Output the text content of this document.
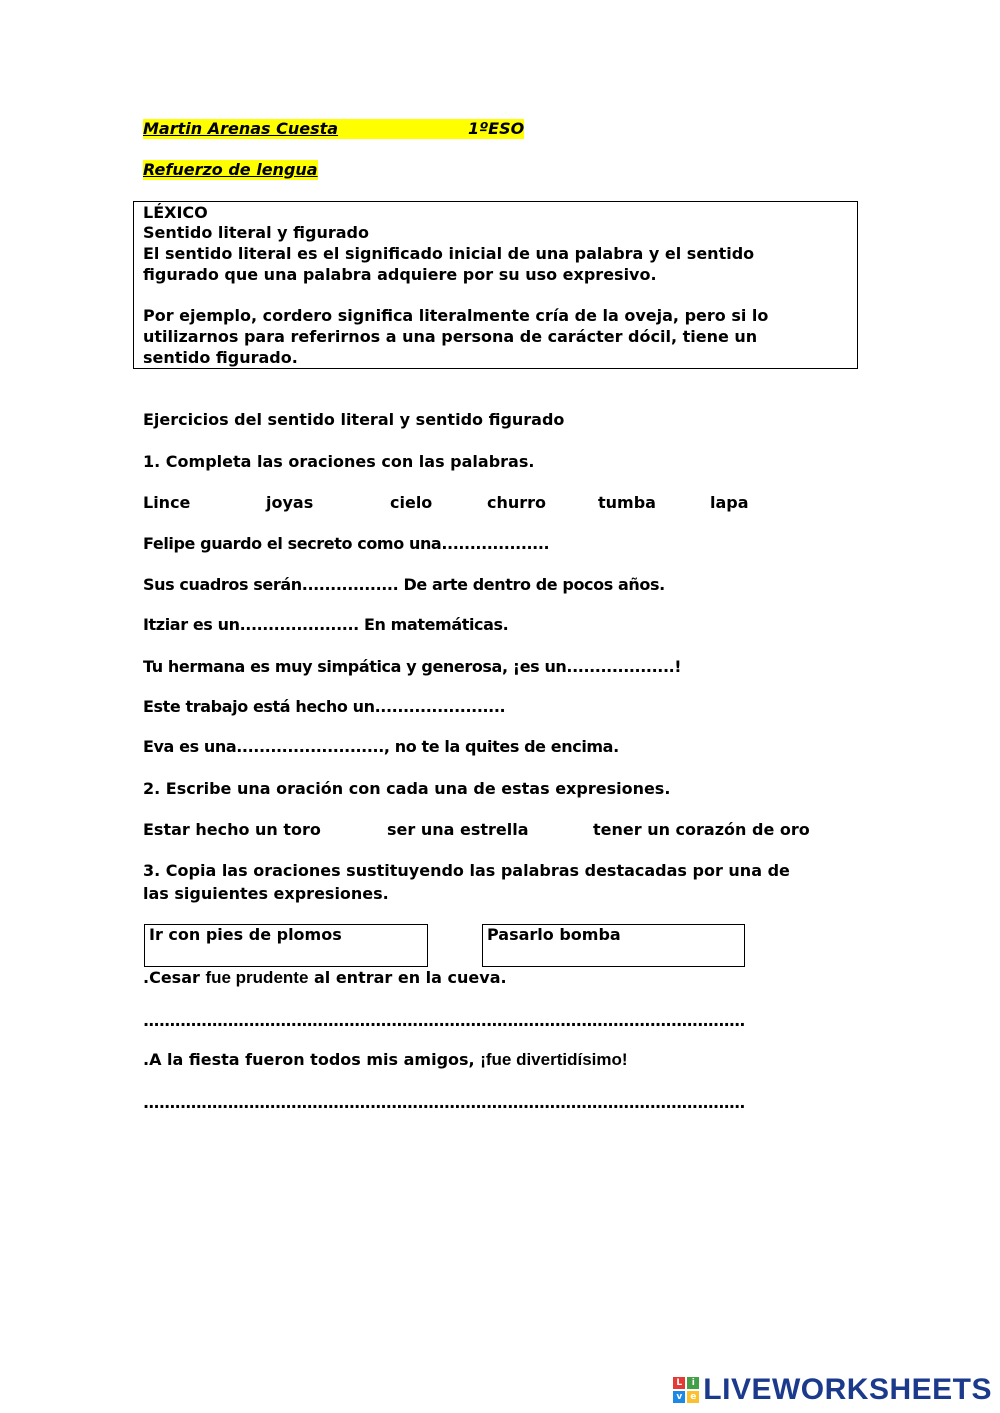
Martin Arenas Cuesta	1ºESO
Refuerzo de lengua
LÉXICO
Sentido literal y figurado
El sentido literal es el significado inicial de una palabra y el sentido
figurado que una palabra adquiere por su uso expresivo.
Por ejemplo, cordero significa literalmente cría de la oveja, pero si lo
utilizarnos para referirnos a una persona de carácter dócil, tiene un
sentido figurado.
Ejercicios del sentido literal y sentido figurado
1. Completa las oraciones con las palabras.
Lince	joyas	cielo	churro	tumba	lapa
Felipe guardo el secreto como una...................
Sus cuadros serán................. De arte dentro de pocos años.
Itziar es un..................... En matemáticas.
Tu hermana es muy simpática y generosa, ¡es un...................!
Este trabajo está hecho un.......................
Eva es una.........................., no te la quites de encima.
2. Escribe una oración con cada una de estas expresiones.
Estar hecho un toro	ser una estrella	tener un corazón de oro
3. Copia las oraciones sustituyendo las palabras destacadas por una de
las siguientes expresiones.
Ir con pies de plomos	Pasarlo bomba
.Cesar fue prudente al entrar en la cueva.
..................................................................................................................
.A la fiesta fueron todos mis amigos, ¡fue divertidísimo!
..................................................................................................................
L	i
v e LIVEWORKSHEETS
